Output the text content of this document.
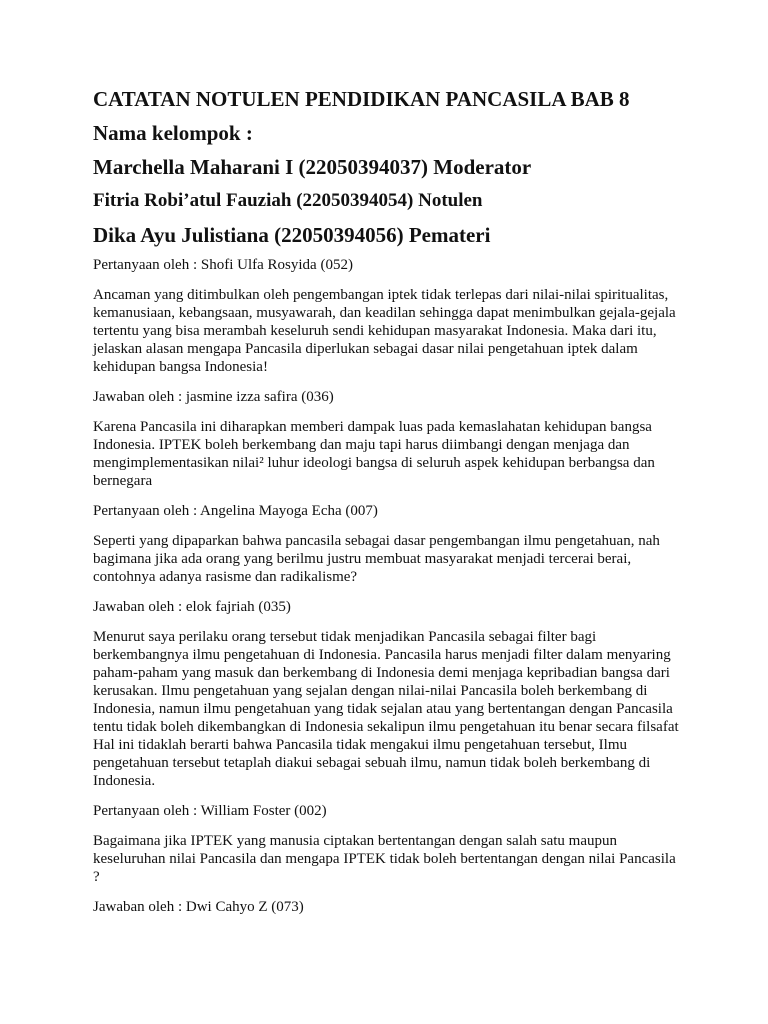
CATATAN NOTULEN PENDIDIKAN PANCASILA BAB 8
Nama kelompok :
Marchella Maharani I (22050394037) Moderator
Fitria Robi’atul Fauziah (22050394054) Notulen
Dika Ayu Julistiana (22050394056) Pemateri
Pertanyaan oleh : Shofi Ulfa Rosyida (052)
Ancaman yang ditimbulkan oleh pengembangan iptek tidak terlepas dari nilai-nilai spiritualitas, kemanusiaan, kebangsaan, musyawarah, dan keadilan sehingga dapat menimbulkan gejala-gejala tertentu yang bisa merambah keseluruh sendi kehidupan masyarakat Indonesia. Maka dari itu, jelaskan alasan mengapa Pancasila diperlukan sebagai dasar nilai pengetahuan iptek dalam kehidupan bangsa Indonesia!
Jawaban oleh : jasmine izza safira (036)
Karena Pancasila ini diharapkan memberi dampak luas pada kemaslahatan kehidupan bangsa Indonesia. IPTEK boleh berkembang dan maju tapi harus diimbangi dengan menjaga dan mengimplementasikan nilai² luhur ideologi bangsa di seluruh aspek kehidupan berbangsa dan bernegara
Pertanyaan oleh : Angelina Mayoga Echa (007)
Seperti yang dipaparkan bahwa pancasila sebagai dasar pengembangan ilmu pengetahuan, nah bagimana jika ada orang yang berilmu justru membuat masyarakat menjadi tercerai berai, contohnya adanya rasisme dan radikalisme?
Jawaban oleh : elok fajriah (035)
Menurut saya perilaku orang tersebut tidak menjadikan Pancasila sebagai filter bagi berkembangnya ilmu pengetahuan di Indonesia. Pancasila harus menjadi filter dalam menyaring paham-paham yang masuk dan berkembang di Indonesia demi menjaga kepribadian bangsa dari kerusakan. Ilmu pengetahuan yang sejalan dengan nilai-nilai Pancasila boleh berkembang di Indonesia, namun ilmu pengetahuan yang tidak sejalan atau yang bertentangan dengan Pancasila tentu tidak boleh dikembangkan di Indonesia sekalipun ilmu pengetahuan itu benar secara filsafat Hal ini tidaklah berarti bahwa Pancasila tidak mengakui ilmu pengetahuan tersebut, Ilmu pengetahuan tersebut tetaplah diakui sebagai sebuah ilmu, namun tidak boleh berkembang di Indonesia.
Pertanyaan oleh : William Foster (002)
Bagaimana jika IPTEK yang manusia ciptakan bertentangan dengan salah satu maupun keseluruhan nilai Pancasila dan mengapa IPTEK tidak boleh bertentangan dengan nilai Pancasila ?
Jawaban oleh : Dwi Cahyo Z (073)
